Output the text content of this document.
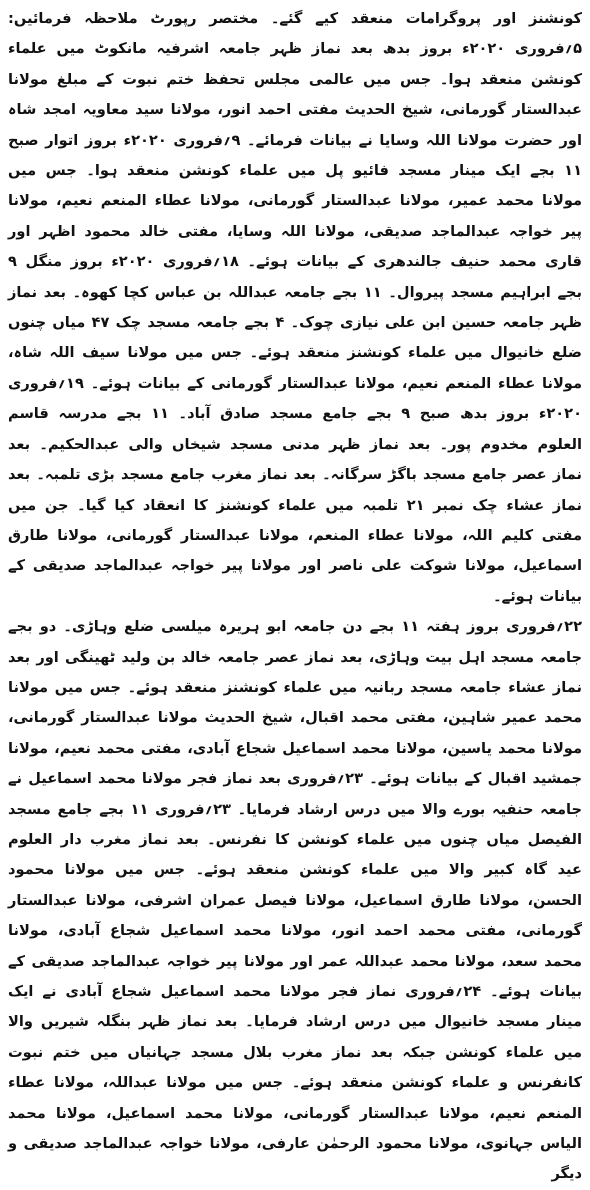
کونشنز اور پروگرامات منعقد کیے گئے۔ مختصر رپورٹ ملاحظہ فرمائیں: ۵؍فروری ۲۰۲۰ء بروز بدھ بعد نماز ظہر جامعہ اشرفیہ مانکوٹ میں علماء کونشن منعقد ہوا۔ جس میں عالمی مجلس تحفظ ختم نبوت کے مبلغ مولانا عبدالستار گورمانی، شیخ الحدیث مفتی احمد انور، مولانا سید معاویہ امجد شاہ اور حضرت مولانا اللہ وسایا نے بیانات فرمائے۔ ۹؍فروری ۲۰۲۰ء بروز اتوار صبح ۱۱ بجے ایک مینار مسجد فائیو پل میں علماء کونشن منعقد ہوا۔ جس میں مولانا محمد عمیر، مولانا عبدالستار گورمانی، مولانا عطاء المنعم نعیم، مولانا پیر خواجہ عبدالماجد صدیقی، مولانا اللہ وسایا، مفتی خالد محمود اظہر اور قاری محمد حنیف جالندھری کے بیانات ہوئے۔ ۱۸؍فروری ۲۰۲۰ء بروز منگل ۹ بجے ابراہیم مسجد پیروال۔ ۱۱ بجے جامعہ عبداللہ بن عباس کچا کھوہ۔ بعد نماز ظہر جامعہ حسین ابن علی نیازی چوک۔ ۴ بجے جامعہ مسجد چک ۴۷ میاں چنوں ضلع خانیوال میں علماء کونشنز منعقد ہوئے۔ جس میں مولانا سیف اللہ شاہ، مولانا عطاء المنعم نعیم، مولانا عبدالستار گورمانی کے بیانات ہوئے۔ ۱۹؍فروری ۲۰۲۰ء بروز بدھ صبح ۹ بجے جامع مسجد صادق آباد۔ ۱۱ بجے مدرسہ قاسم العلوم مخدوم پور۔ بعد نماز ظہر مدنی مسجد شیخاں والی عبدالحکیم۔ بعد نماز عصر جامع مسجد باگڑ سرگانہ۔ بعد نماز مغرب جامع مسجد بڑی تلمبہ۔ بعد نماز عشاء چک نمبر ۲۱ تلمبہ میں علماء کونشنز کا انعقاد کیا گیا۔ جن میں مفتی کلیم اللہ، مولانا عطاء المنعم، مولانا عبدالستار گورمانی، مولانا طارق اسماعیل، مولانا شوکت علی ناصر اور مولانا پیر خواجہ عبدالماجد صدیقی کے بیانات ہوئے۔

۲۲؍فروری بروز ہفتہ ۱۱ بجے دن جامعہ ابو ہریرہ میلسی ضلع وہاڑی۔ دو بجے جامعہ مسجد اہل بیت وہاڑی، بعد نماز عصر جامعہ خالد بن ولید ٹھینگی اور بعد نماز عشاء جامعہ مسجد ربانیہ میں علماء کونشنز منعقد ہوئے۔ جس میں مولانا محمد عمیر شاہین، مفتی محمد اقبال، شیخ الحدیث مولانا عبدالستار گورمانی، مولانا محمد یاسین، مولانا محمد اسماعیل شجاع آبادی، مفتی محمد نعیم، مولانا جمشید اقبال کے بیانات ہوئے۔ ۲۳؍فروری بعد نماز فجر مولانا محمد اسماعیل نے جامعہ حنفیہ بورے والا میں درس ارشاد فرمایا۔ ۲۳؍فروری ۱۱ بجے جامع مسجد الفیصل میاں چنوں میں علماء کونشن کا نفرنس۔ بعد نماز مغرب دار العلوم عید گاہ کبیر والا میں علماء کونشن منعقد ہوئے۔ جس میں مولانا محمود الحسن، مولانا طارق اسماعیل، مولانا فیصل عمران اشرفی، مولانا عبدالستار گورمانی، مفتی محمد احمد انور، مولانا محمد اسماعیل شجاع آبادی، مولانا محمد سعد، مولانا محمد عبداللہ عمر اور مولانا پیر خواجہ عبدالماجد صدیقی کے بیانات ہوئے۔ ۲۴؍فروری نماز فجر مولانا محمد اسماعیل شجاع آبادی نے ایک مینار مسجد خانیوال میں درس ارشاد فرمایا۔ بعد نماز ظہر بنگلہ شیریں والا میں علماء کونشن جبکہ بعد نماز مغرب بلال مسجد جہانیاں میں ختم نبوت کانفرنس و علماء کونشن منعقد ہوئے۔ جس میں مولانا عبداللہ، مولانا عطاء المنعم نعیم، مولانا عبدالستار گورمانی، مولانا محمد اسماعیل، مولانا محمد الیاس جہانوی، مولانا محمود الرحمٰن عارفی، مولانا خواجہ عبدالماجد صدیقی و دیگر
